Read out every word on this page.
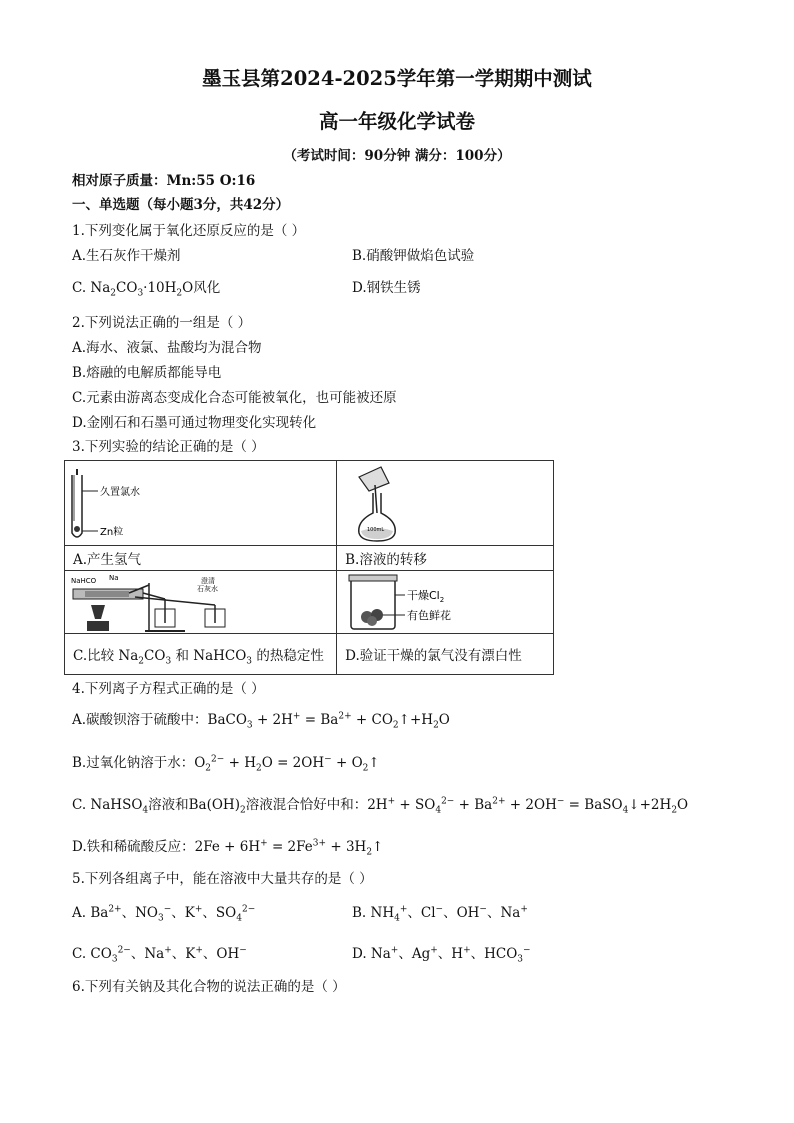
墨玉县第2024-2025学年第一学期期中测试
高一年级化学试卷
（考试时间：90分钟 满分：100分）
相对原子质量：Mn:55 O:16
一、单选题（每小题3分，共42分）
1.下列变化属于氧化还原反应的是（ ）
A.生石灰作干燥剂	B.硝酸钾做焰色试验
C. $Na_2CO_3\cdot 10H_2O$风化	D.钢铁生锈
2.下列说法正确的一组是（ ）
A.海水、液氯、盐酸均为混合物
B.熔融的电解质都能导电
C.元素由游离态变成化合态可能被氧化，也可能被还原
D.金刚石和石墨可通过物理变化实现转化
3.下列实验的结论正确的是（ ）
久置氯水
Zn粒	100mL

A.产生氢气	B.溶液的转移

NaHCO Na 澄清
石灰水	干燥$Cl_2$
有色鲜花

C.比较 $Na_2CO_3$ 和 NaHCO$_3$ 的热稳定性	D.验证干燥的氯气没有漂白性
4.下列离子方程式正确的是（ ）
A.碳酸钡溶于硫酸中：BaCO$_3$ + $2H^+ = Ba^{2+}$ + $CO_2↑+H_2O$
B.过氧化钠溶于水：$O_2^{2-} + H_2O = 2OH^-$ + $O_2↑$
C. NaHSO$_4$溶液和$Ba(OH)_2$溶液混合恰好中和：$2H^+ + SO_4^{2-} + Ba^{2+} + 2OH^-$ = $BaSO_4↓+2H_2O$
D.铁和稀硫酸反应：$2Fe + 6H^+ = 2Fe^{3+}$ + $3H_2↑$
5.下列各组离子中，能在溶液中大量共存的是（ ）
A. $Ba^{2+}$、$NO_3^-$、K+、$SO_4^{2-}$	B. $NH_4^+$、Cl−、OH−、Na+
C. $CO_3^{2-}$、Na+、K+、OH−	D. Na+、Ag+、H+、$HCO_3^-$
6.下列有关钠及其化合物的说法正确的是（ ）
